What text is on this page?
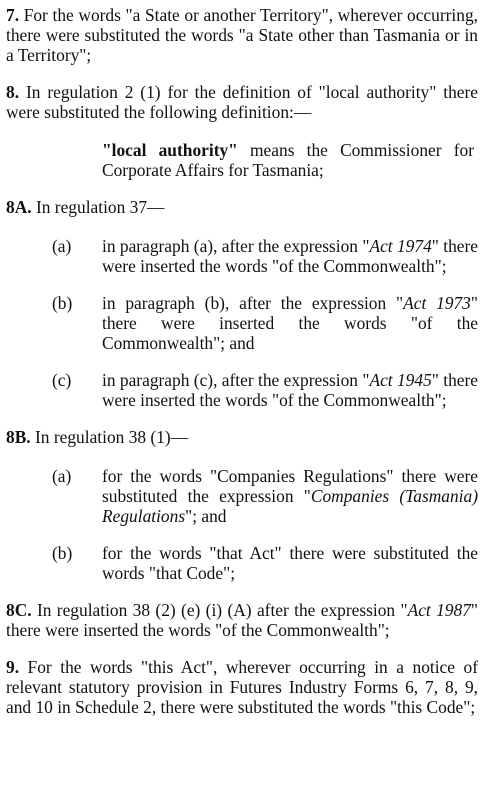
7. For the words "a State or another Territory", wherever occurring, there were substituted the words "a State other than Tasmania or in a Territory";

8. In regulation 2 (1) for the definition of "local authority" there were substituted the following definition:—

"local authority" means the Commissioner for Corporate Affairs for Tasmania;

8A. In regulation 37—

(a)	in paragraph (a), after the expression "Act 1974" there were inserted the words "of the Commonwealth";
(b)	in paragraph (b), after the expression "Act 1973" there were inserted the words "of the Commonwealth"; and
(c)	in paragraph (c), after the expression "Act 1945" there were inserted the words "of the Commonwealth";

8B. In regulation 38 (1)—

(a)	for the words "Companies Regulations" there were substituted the expression "Companies (Tasmania) Regulations"; and
(b)	for the words "that Act" there were substituted the words "that Code";

8C. In regulation 38 (2) (e) (i) (A) after the expression "Act 1987" there were inserted the words "of the Commonwealth";

9. For the words "this Act", wherever occurring in a notice of relevant statutory provision in Futures Industry Forms 6, 7, 8, 9, and 10 in Schedule 2, there were substituted the words "this Code";
